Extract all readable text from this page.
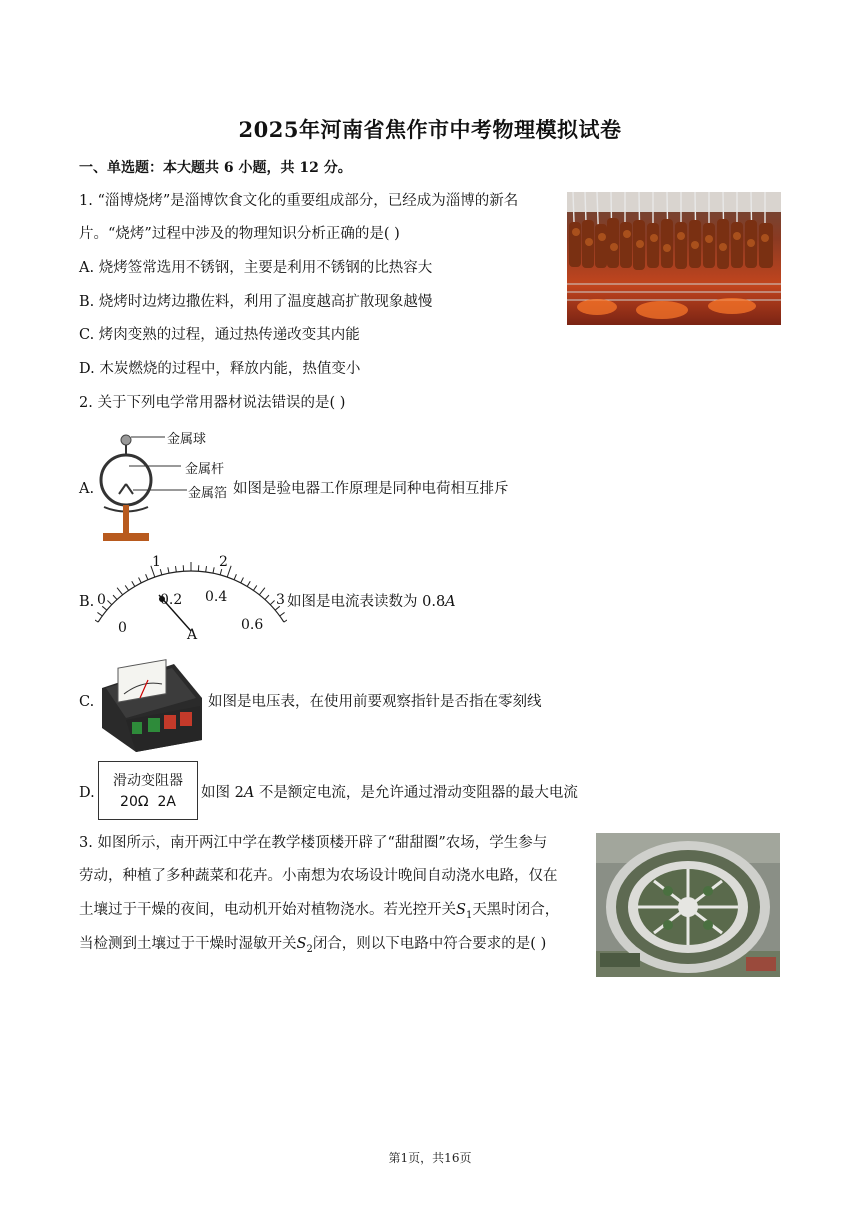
2025年河南省焦作市中考物理模拟试卷
一、单选题：本大题共 6 小题，共 12 分。
1. “淄博烧烤”是淄博饮食文化的重要组成部分，已经成为淄博的新名
片。“烧烤”过程中涉及的物理知识分析正确的是( )
A. 烧烤签常选用不锈钢，主要是利用不锈钢的比热容大
B. 烧烤时边烤边撒佐料，利用了温度越高扩散现象越慢
C. 烤肉变熟的过程，通过热传递改变其内能
D. 木炭燃烧的过程中，释放内能，热值变小
2. 关于下列电学常用器材说法错误的是( )
A.
金属球
金属杆
金属箔 如图是验电器工作原理是同种电荷相互排斥
B. 0
1	2
3
0
0.2 0.4
0.6
A
如图是电流表读数为 0.8A
C.	如图是电压表，在使用前要观察指针是否指在零刻线
D.
滑动变阻器
20Ω  2A
如图 2A 不是额定电流，是允许通过滑动变阻器的最大电流
3. 如图所示，南开两江中学在教学楼顶楼开辟了“甜甜圈”农场，学生参与
劳动，种植了多种蔬菜和花卉。小南想为农场设计晚间自动浇水电路，仅在
土壤过于干燥的夜间，电动机开始对植物浇水。若光控开关$S_1$天黑时闭合，
当检测到土壤过于干燥时湿敏开关$S_2$闭合，则以下电路中符合要求的是( )
第1页，共16页
